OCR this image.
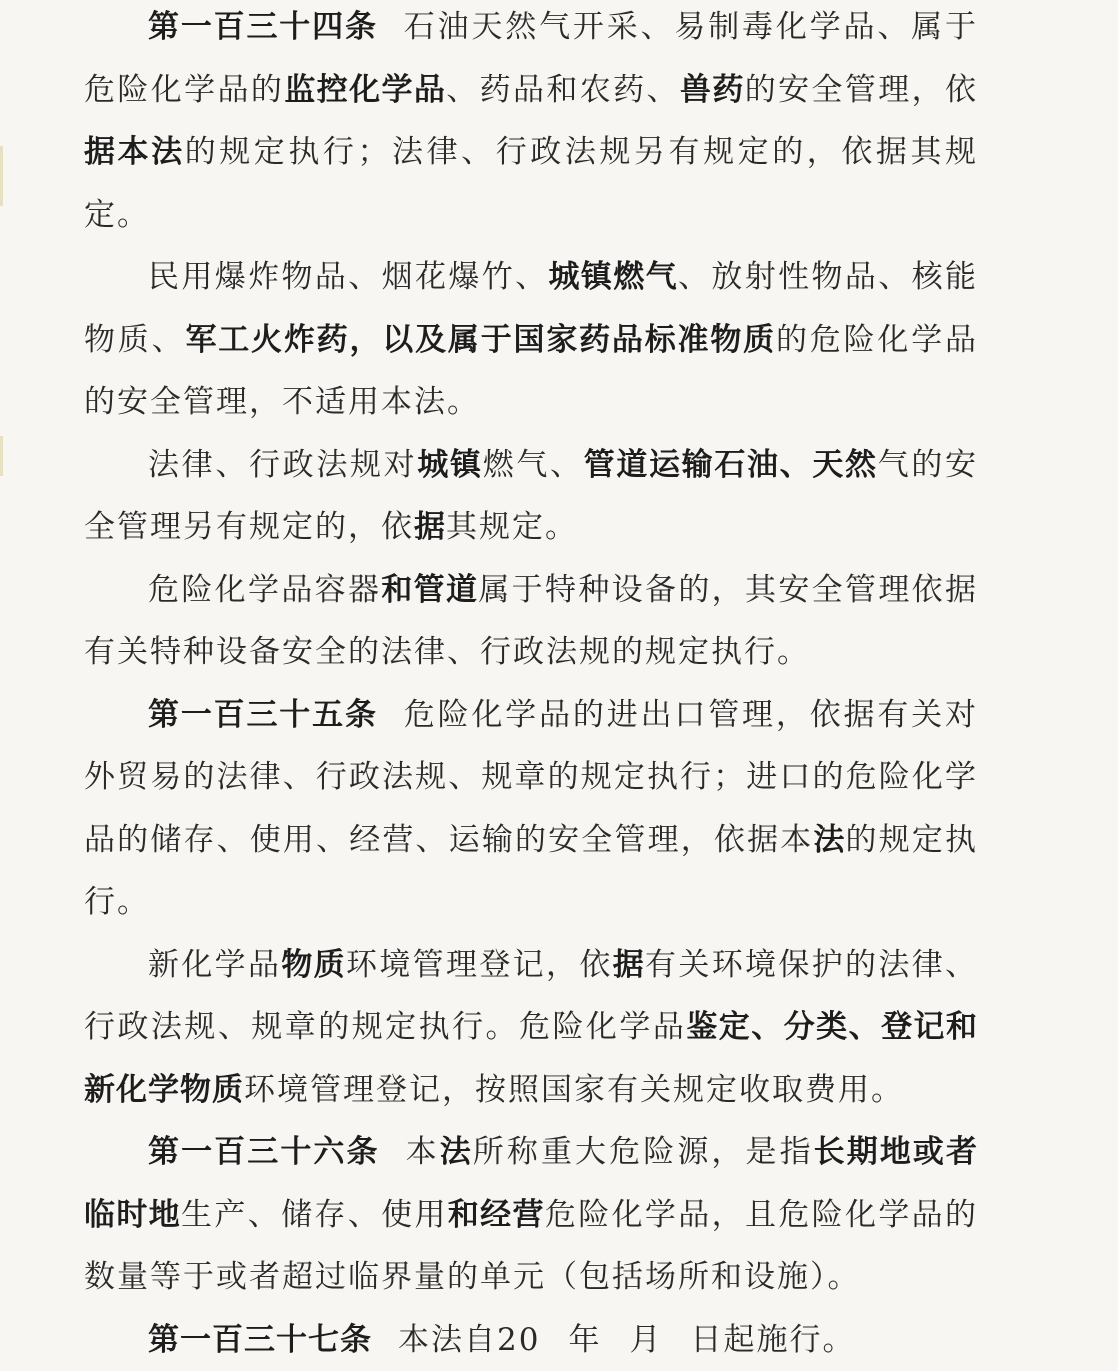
第一百三十四条 石油天然气开采、易制毒化学品、属于危险化学品的监控化学品、药品和农药、兽药的安全管理，依据本法的规定执行；法律、行政法规另有规定的，依据其规定。

民用爆炸物品、烟花爆竹、城镇燃气、放射性物品、核能物质、军工火炸药，以及属于国家药品标准物质的危险化学品的安全管理，不适用本法。

法律、行政法规对城镇燃气、管道运输石油、天然气的安全管理另有规定的，依据其规定。

危险化学品容器和管道属于特种设备的，其安全管理依据有关特种设备安全的法律、行政法规的规定执行。

第一百三十五条 危险化学品的进出口管理，依据有关对外贸易的法律、行政法规、规章的规定执行；进口的危险化学品的储存、使用、经营、运输的安全管理，依据本法的规定执行。

新化学品物质环境管理登记，依据有关环境保护的法律、行政法规、规章的规定执行。危险化学品鉴定、分类、登记和新化学物质环境管理登记，按照国家有关规定收取费用。

第一百三十六条 本法所称重大危险源，是指长期地或者临时地生产、储存、使用和经营危险化学品，且危险化学品的数量等于或者超过临界量的单元（包括场所和设施）。

第一百三十七条 本法自20 年 月 日起施行。
